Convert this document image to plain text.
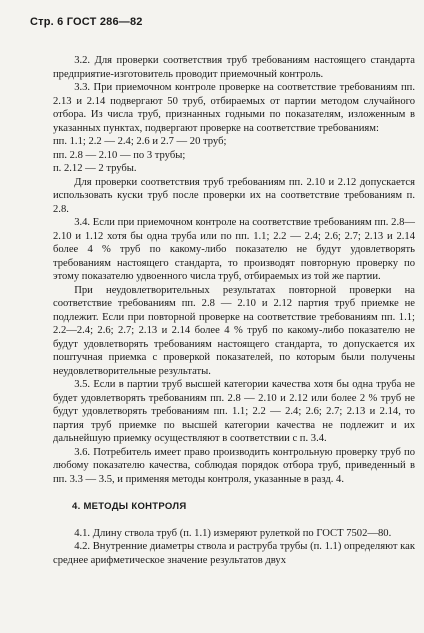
Стр. 6 ГОСТ 286—82

3.2. Для проверки соответствия труб требованиям настоящего стандарта предприятие-изготовитель проводит приемочный контроль.

3.3. При приемочном контроле проверке на соответствие требованиям пп. 2.13 и 2.14 подвергают 50 труб, отбираемых от партии методом случайного отбора. Из числа труб, признанных годными по показателям, изложенным в указанных пунктах, подвергают проверке на соответствие требованиям:

пп. 1.1; 2.2 — 2.4; 2.6 и 2.7 — 20 труб;

пп. 2.8 — 2.10 — по 3 трубы;

п. 2.12 — 2 трубы.

Для проверки соответствия труб требованиям пп. 2.10 и 2.12 допускается использовать куски труб после проверки их на соответствие требованиям п. 2.8.

3.4. Если при приемочном контроле на соответствие требованиям пп. 2.8—2.10 и 1.12 хотя бы одна труба или по пп. 1.1; 2.2 — 2.4; 2.6; 2.7; 2.13 и 2.14 более 4 % труб по какому-либо показателю не будут удовлетворять требованиям настоящего стандарта, то производят повторную проверку по этому показателю удвоенного числа труб, отбираемых из той же партии.

При неудовлетворительных результатах повторной проверки на соответствие требованиям пп. 2.8 — 2.10 и 2.12 партия труб приемке не подлежит. Если при повторной проверке на соответствие требованиям пп. 1.1; 2.2—2.4; 2.6; 2.7; 2.13 и 2.14 более 4 % труб по какому-либо показателю не будут удовлетворять требованиям настоящего стандарта, то допускается их поштучная приемка с проверкой показателей, по которым были получены неудовлетворительные результаты.

3.5. Если в партии труб высшей категории качества хотя бы одна труба не будет удовлетворять требованиям пп. 2.8 — 2.10 и 2.12 или более 2 % труб не будут удовлетворять требованиям пп. 1.1; 2.2 — 2.4; 2.6; 2.7; 2.13 и 2.14, то партия труб приемке по высшей категории качества не подлежит и их дальнейшую приемку осуществляют в соответствии с п. 3.4.

3.6. Потребитель имеет право производить контрольную проверку труб по любому показателю качества, соблюдая порядок отбора труб, приведенный в пп. 3.3 — 3.5, и применяя методы контроля, указанные в разд. 4.

4. МЕТОДЫ КОНТРОЛЯ

4.1. Длину ствола труб (п. 1.1) измеряют рулеткой по ГОСТ 7502—80.

4.2. Внутренние диаметры ствола и раструба трубы (п. 1.1) определяют как среднее арифметическое значение результатов двух
